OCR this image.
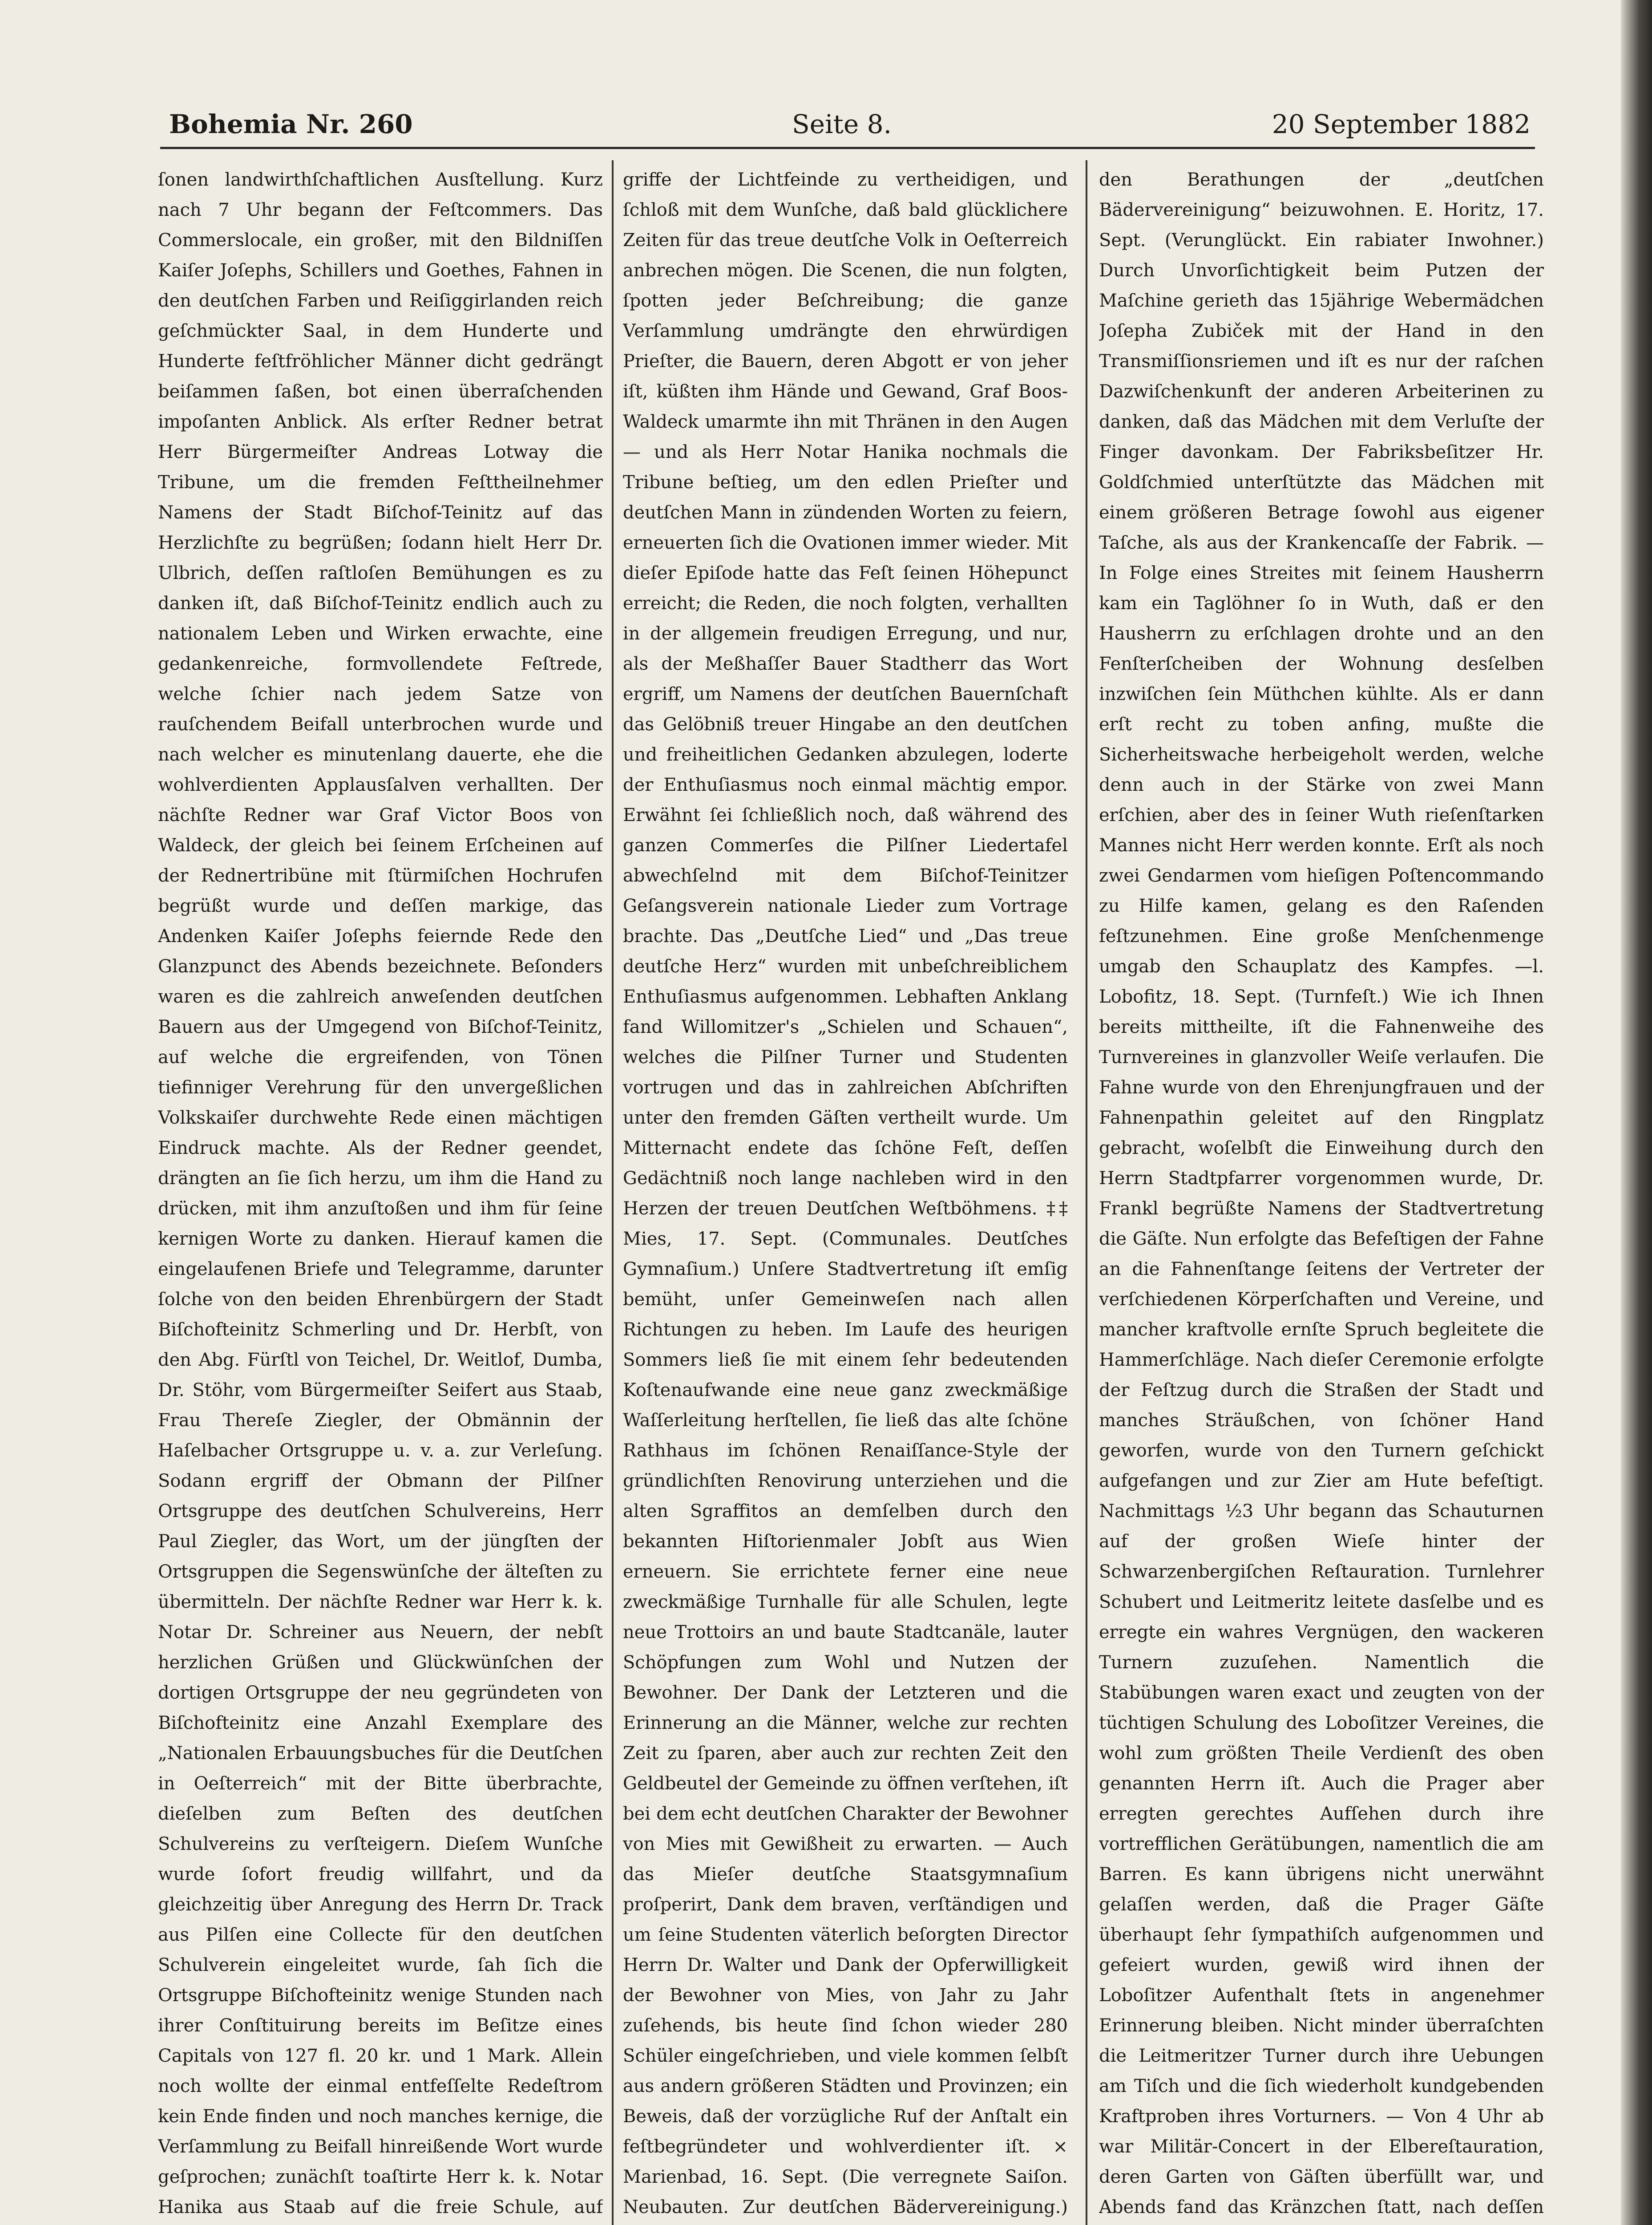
Bohemia Nr. 260	Seite 8.	20 September 1882

ſonen landwirthſchaftlichen Ausſtellung. Kurz nach 7 Uhr begann der Feſtcommers. Das Commerslocale, ein großer, mit den Bildniſſen Kaiſer Joſephs, Schillers und Goethes, Fahnen in den deutſchen Farben und Reiſiggirlanden reich geſchmückter Saal, in dem Hunderte und Hunderte feſtfröhlicher Männer dicht gedrängt beiſammen ſaßen, bot einen überraſchenden impoſanten Anblick. Als erſter Redner betrat Herr Bürgermeiſter Andreas Lotway die Tribune, um die fremden Feſttheilnehmer Namens der Stadt Biſchof-Teinitz auf das Herzlichſte zu begrüßen; ſodann hielt Herr Dr. Ulbrich, deſſen raſtloſen Bemühungen es zu danken iſt, daß Biſchof-Teinitz endlich auch zu nationalem Leben und Wirken erwachte, eine gedankenreiche, formvollendete Feſtrede, welche ſchier nach jedem Satze von rauſchendem Beifall unterbrochen wurde und nach welcher es minutenlang dauerte, ehe die wohlverdienten Applausſalven verhallten. Der nächſte Redner war Graf Victor Boos von Waldeck, der gleich bei ſeinem Erſcheinen auf der Rednertribüne mit ſtürmiſchen Hochrufen begrüßt wurde und deſſen markige, das Andenken Kaiſer Joſephs feiernde Rede den Glanzpunct des Abends bezeichnete. Beſonders waren es die zahlreich anweſenden deutſchen Bauern aus der Umgegend von Biſchof-Teinitz, auf welche die ergreifenden, von Tönen tiefinniger Verehrung für den unvergeßlichen Volkskaiſer durchwehte Rede einen mächtigen Eindruck machte. Als der Redner geendet, drängten an ſie ſich herzu, um ihm die Hand zu drücken, mit ihm anzuſtoßen und ihm für ſeine kernigen Worte zu danken. Hierauf kamen die eingelaufenen Briefe und Telegramme, darunter ſolche von den beiden Ehrenbürgern der Stadt Biſchofteinitz Schmerling und Dr. Herbſt, von den Abg. Fürſtl von Teichel, Dr. Weitlof, Dumba, Dr. Stöhr, vom Bürgermeiſter Seifert aus Staab, Frau Thereſe Ziegler, der Obmännin der Haſelbacher Ortsgruppe u. v. a. zur Verleſung. Sodann ergriff der Obmann der Pilſner Ortsgruppe des deutſchen Schulvereins, Herr Paul Ziegler, das Wort, um der jüngſten der Ortsgruppen die Segenswünſche der älteſten zu übermitteln. Der nächſte Redner war Herr k. k. Notar Dr. Schreiner aus Neuern, der nebſt herzlichen Grüßen und Glückwünſchen der dortigen Ortsgruppe der neu gegründeten von Biſchofteinitz eine Anzahl Exemplare des „Nationalen Erbauungsbuches für die Deutſchen in Oeſterreich“ mit der Bitte überbrachte, dieſelben zum Beſten des deutſchen Schulvereins zu verſteigern. Dieſem Wunſche wurde ſofort freudig willfahrt, und da gleichzeitig über Anregung des Herrn Dr. Track aus Pilſen eine Collecte für den deutſchen Schulverein eingeleitet wurde, ſah ſich die Ortsgruppe Biſchofteinitz wenige Stunden nach ihrer Conſtituirung bereits im Beſitze eines Capitals von 127 fl. 20 kr. und 1 Mark. Allein noch wollte der einmal entfeſſelte Redeſtrom kein Ende finden und noch manches kernige, die Verſammlung zu Beifall hinreißende Wort wurde geſprochen; zunächſt toaſtirte Herr k. k. Notar Hanika aus Staab auf die freie Schule, auf

griffe der Lichtfeinde zu vertheidigen, und ſchloß mit dem Wunſche, daß bald glücklichere Zeiten für das treue deutſche Volk in Oeſterreich anbrechen mögen. Die Scenen, die nun folgten, ſpotten jeder Beſchreibung; die ganze Verſammlung umdrängte den ehrwürdigen Prieſter, die Bauern, deren Abgott er von jeher iſt, küßten ihm Hände und Gewand, Graf Boos-Waldeck umarmte ihn mit Thränen in den Augen — und als Herr Notar Hanika nochmals die Tribune beſtieg, um den edlen Prieſter und deutſchen Mann in zündenden Worten zu feiern, erneuerten ſich die Ovationen immer wieder. Mit dieſer Epiſode hatte das Feſt ſeinen Höhepunct erreicht; die Reden, die noch folgten, verhallten in der allgemein freudigen Erregung, und nur, als der Meßhaſſer Bauer Stadtherr das Wort ergriff, um Namens der deutſchen Bauernſchaft das Gelöbniß treuer Hingabe an den deutſchen und freiheitlichen Gedanken abzulegen, loderte der Enthuſiasmus noch einmal mächtig empor. Erwähnt ſei ſchließlich noch, daß während des ganzen Commerſes die Pilſner Liedertafel abwechſelnd mit dem Biſchof-Teinitzer Geſangsverein nationale Lieder zum Vortrage brachte. Das „Deutſche Lied“ und „Das treue deutſche Herz“ wurden mit unbeſchreiblichem Enthuſiasmus aufgenommen. Lebhaften Anklang fand Willomitzer's „Schielen und Schauen“, welches die Pilſner Turner und Studenten vortrugen und das in zahlreichen Abſchriften unter den fremden Gäſten vertheilt wurde. Um Mitternacht endete das ſchöne Feſt, deſſen Gedächtniß noch lange nachleben wird in den Herzen der treuen Deutſchen Weſtböhmens. ‡‡ Mies, 17. Sept. (Communales. Deutſches Gymnaſium.) Unſere Stadtvertretung iſt emſig bemüht, unſer Gemeinweſen nach allen Richtungen zu heben. Im Laufe des heurigen Sommers ließ ſie mit einem ſehr bedeutenden Koſtenaufwande eine neue ganz zweckmäßige Waſſerleitung herſtellen, ſie ließ das alte ſchöne Rathhaus im ſchönen Renaiſſance-Style der gründlichſten Renovirung unterziehen und die alten Sgraffitos an demſelben durch den bekannten Hiſtorienmaler Jobſt aus Wien erneuern. Sie errichtete ferner eine neue zweckmäßige Turnhalle für alle Schulen, legte neue Trottoirs an und baute Stadtcanäle, lauter Schöpfungen zum Wohl und Nutzen der Bewohner. Der Dank der Letzteren und die Erinnerung an die Männer, welche zur rechten Zeit zu ſparen, aber auch zur rechten Zeit den Geldbeutel der Gemeinde zu öffnen verſtehen, iſt bei dem echt deutſchen Charakter der Bewohner von Mies mit Gewißheit zu erwarten. — Auch das Mieſer deutſche Staatsgymnaſium proſperirt, Dank dem braven, verſtändigen und um ſeine Studenten väterlich beſorgten Director Herrn Dr. Walter und Dank der Opferwilligkeit der Bewohner von Mies, von Jahr zu Jahr zuſehends, bis heute ſind ſchon wieder 280 Schüler eingeſchrieben, und viele kommen ſelbſt aus andern größeren Städten und Provinzen; ein Beweis, daß der vorzügliche Ruf der Anſtalt ein feſtbegründeter und wohlverdienter iſt. × Marienbad, 16. Sept. (Die verregnete Saiſon. Neubauten. Zur deutſchen Bädervereinigung.)

den Berathungen der „deutſchen Bädervereinigung“ beizuwohnen. E. Horitz, 17. Sept. (Verunglückt. Ein rabiater Inwohner.) Durch Unvorſichtigkeit beim Putzen der Maſchine gerieth das 15jährige Webermädchen Joſepha Zubiček mit der Hand in den Transmiſſionsriemen und iſt es nur der raſchen Dazwiſchenkunft der anderen Arbeiterinen zu danken, daß das Mädchen mit dem Verluſte der Finger davonkam. Der Fabriksbeſitzer Hr. Goldſchmied unterſtützte das Mädchen mit einem größeren Betrage ſowohl aus eigener Taſche, als aus der Krankencaſſe der Fabrik. — In Folge eines Streites mit ſeinem Hausherrn kam ein Taglöhner ſo in Wuth, daß er den Hausherrn zu erſchlagen drohte und an den Fenſterſcheiben der Wohnung desſelben inzwiſchen ſein Müthchen kühlte. Als er dann erſt recht zu toben anfing, mußte die Sicherheitswache herbeigeholt werden, welche denn auch in der Stärke von zwei Mann erſchien, aber des in ſeiner Wuth rieſenſtarken Mannes nicht Herr werden konnte. Erſt als noch zwei Gendarmen vom hieſigen Poſtencommando zu Hilfe kamen, gelang es den Raſenden feſtzunehmen. Eine große Menſchenmenge umgab den Schauplatz des Kampfes. —l. Lobofitz, 18. Sept. (Turnfeſt.) Wie ich Ihnen bereits mittheilte, iſt die Fahnenweihe des Turnvereines in glanzvoller Weiſe verlaufen. Die Fahne wurde von den Ehrenjungfrauen und der Fahnenpathin geleitet auf den Ringplatz gebracht, woſelbſt die Einweihung durch den Herrn Stadtpfarrer vorgenommen wurde, Dr. Frankl begrüßte Namens der Stadtvertretung die Gäſte. Nun erfolgte das Befeſtigen der Fahne an die Fahnenſtange ſeitens der Vertreter der verſchiedenen Körperſchaften und Vereine, und mancher kraftvolle ernſte Spruch begleitete die Hammerſchläge. Nach dieſer Ceremonie erfolgte der Feſtzug durch die Straßen der Stadt und manches Sträußchen, von ſchöner Hand geworfen, wurde von den Turnern geſchickt aufgefangen und zur Zier am Hute befeſtigt. Nachmittags ½3 Uhr begann das Schauturnen auf der großen Wieſe hinter der Schwarzenbergiſchen Reſtauration. Turnlehrer Schubert und Leitmeritz leitete dasſelbe und es erregte ein wahres Vergnügen, den wackeren Turnern zuzuſehen. Namentlich die Stabübungen waren exact und zeugten von der tüchtigen Schulung des Loboſitzer Vereines, die wohl zum größten Theile Verdienſt des oben genannten Herrn iſt. Auch die Prager aber erregten gerechtes Aufſehen durch ihre vortrefflichen Gerätübungen, namentlich die am Barren. Es kann übrigens nicht unerwähnt gelaſſen werden, daß die Prager Gäſte überhaupt ſehr ſympathiſch aufgenommen und gefeiert wurden, gewiß wird ihnen der Loboſitzer Aufenthalt ſtets in angenehmer Erinnerung bleiben. Nicht minder überraſchten die Leitmeritzer Turner durch ihre Uebungen am Tiſch und die ſich wiederholt kundgebenden Kraftproben ihres Vorturners. — Von 4 Uhr ab war Militär-Concert in der Elbereſtauration, deren Garten von Gäſten überfüllt war, und Abends fand das Kränzchen ſtatt, nach deſſen
